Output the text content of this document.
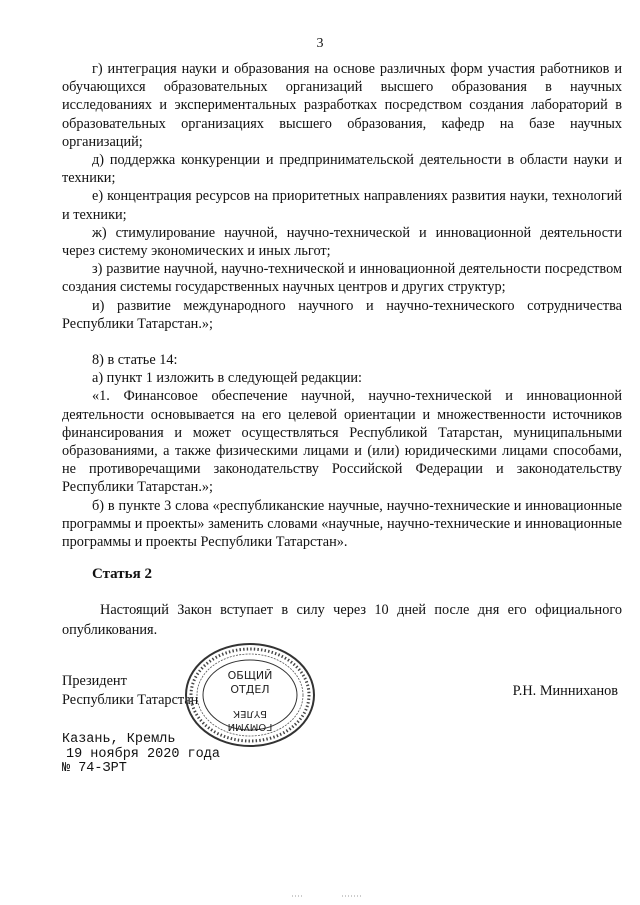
3

г) интеграция науки и образования на основе различных форм участия работников и обучающихся образовательных организаций высшего образования в научных исследованиях и экспериментальных разработках посредством создания лабораторий в образовательных организациях высшего образования, кафедр на базе научных организаций;

д) поддержка конкуренции и предпринимательской деятельности в области науки и техники;

е) концентрация ресурсов на приоритетных направлениях развития науки, технологий и техники;

ж) стимулирование научной, научно-технической и инновационной деятельности через систему экономических и иных льгот;

з) развитие научной, научно-технической и инновационной деятельности посредством создания системы государственных научных центров и других структур;

и) развитие международного научного и научно-технического сотрудничества Республики Татарстан.»;

8) в статье 14:

а) пункт 1 изложить в следующей редакции:

«1. Финансовое обеспечение научной, научно-технической и инновационной деятельности основывается на его целевой ориентации и множественности источников финансирования и может осуществляться Республикой Татарстан, муниципальными образованиями, а также физическими лицами и (или) юридическими лицами способами, не противоречащими законодательству Российской Федерации и законодательству Республики Татарстан.»;

б) в пункте 3 слова «республиканские научные, научно-технические и инновационные программы и проекты» заменить словами «научные, научно-технические и инновационные программы и проекты Республики Татарстан».

Статья 2

Настоящий Закон вступает в силу через 10 дней после дня его официального опубликования.

Президент
Республики Татарстан
ОБЩИЙ
ОТДЕЛ
БҮЛЕК
ГОМУМИ

Р.Н. Минниханов

Казань, Кремль
19 ноября 2020 года
№ 74-ЗРТ
